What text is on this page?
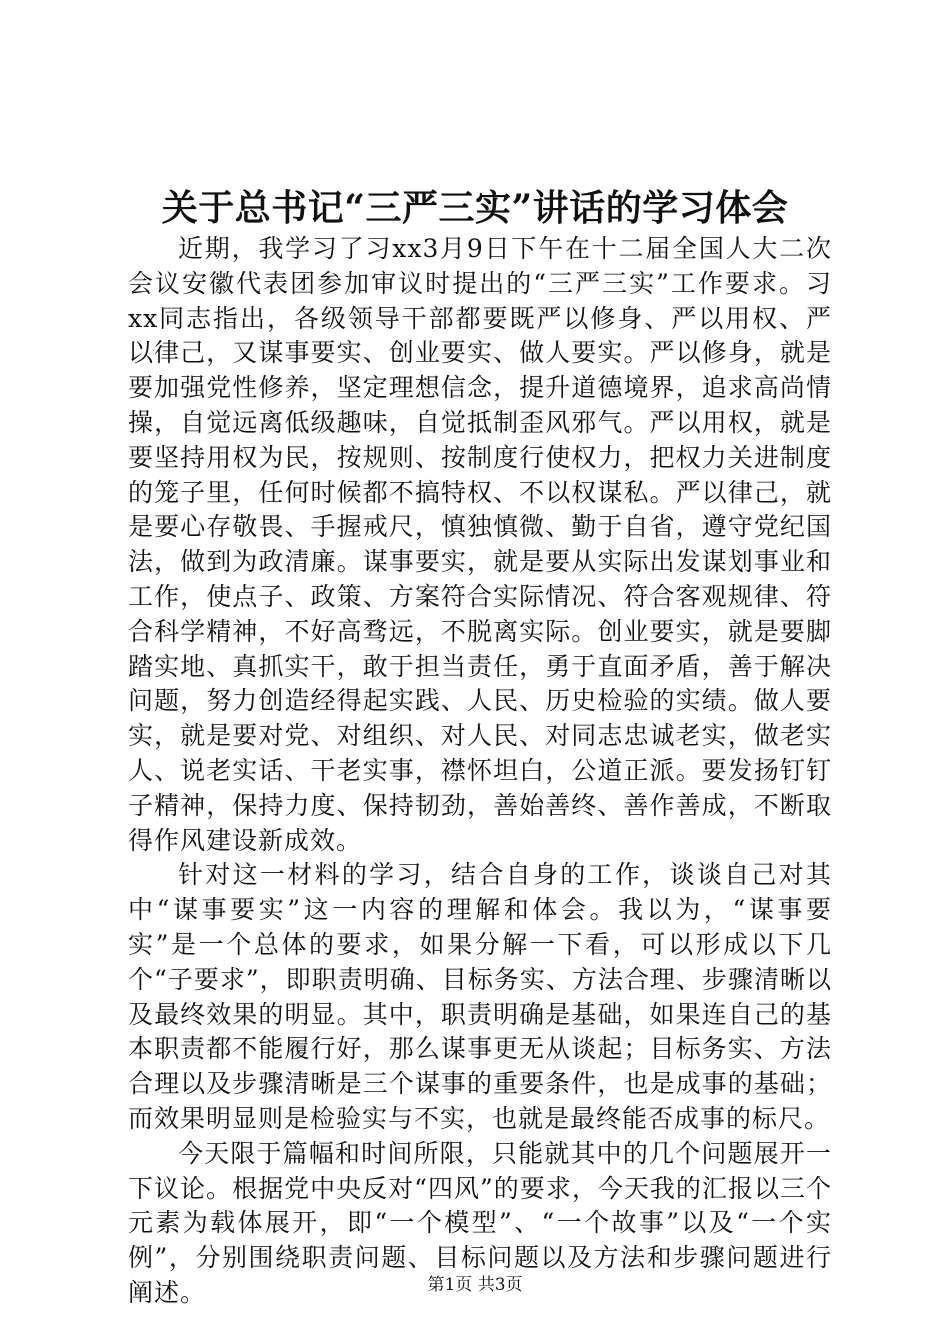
关于总书记“三严三实”讲话的学习体会

近期，我学习了习xx3月9日下午在十二届全国人大二次会议安徽代表团参加审议时提出的“三严三实”工作要求。习xx同志指出，各级领导干部都要既严以修身、严以用权、严以律己，又谋事要实、创业要实、做人要实。严以修身，就是要加强党性修养，坚定理想信念，提升道德境界，追求高尚情操，自觉远离低级趣味，自觉抵制歪风邪气。严以用权，就是要坚持用权为民，按规则、按制度行使权力，把权力关进制度的笼子里，任何时候都不搞特权、不以权谋私。严以律己，就是要心存敬畏、手握戒尺，慎独慎微、勤于自省，遵守党纪国法，做到为政清廉。谋事要实，就是要从实际出发谋划事业和工作，使点子、政策、方案符合实际情况、符合客观规律、符合科学精神，不好高骛远，不脱离实际。创业要实，就是要脚踏实地、真抓实干，敢于担当责任，勇于直面矛盾，善于解决问题，努力创造经得起实践、人民、历史检验的实绩。做人要实，就是要对党、对组织、对人民、对同志忠诚老实，做老实人、说老实话、干老实事，襟怀坦白，公道正派。要发扬钉钉子精神，保持力度、保持韧劲，善始善终、善作善成，不断取得作风建设新成效。

针对这一材料的学习，结合自身的工作，谈谈自己对其中“谋事要实”这一内容的理解和体会。我以为，“谋事要实”是一个总体的要求，如果分解一下看，可以形成以下几个“子要求”，即职责明确、目标务实、方法合理、步骤清晰以及最终效果的明显。其中，职责明确是基础，如果连自己的基本职责都不能履行好，那么谋事更无从谈起；目标务实、方法合理以及步骤清晰是三个谋事的重要条件，也是成事的基础；而效果明显则是检验实与不实，也就是最终能否成事的标尺。

今天限于篇幅和时间所限，只能就其中的几个问题展开一下议论。根据党中央反对“四风”的要求，今天我的汇报以三个元素为载体展开，即“一个模型”、“一个故事”以及“一个实例”，分别围绕职责问题、目标问题以及方法和步骤问题进行阐述。	第1页 共3页
